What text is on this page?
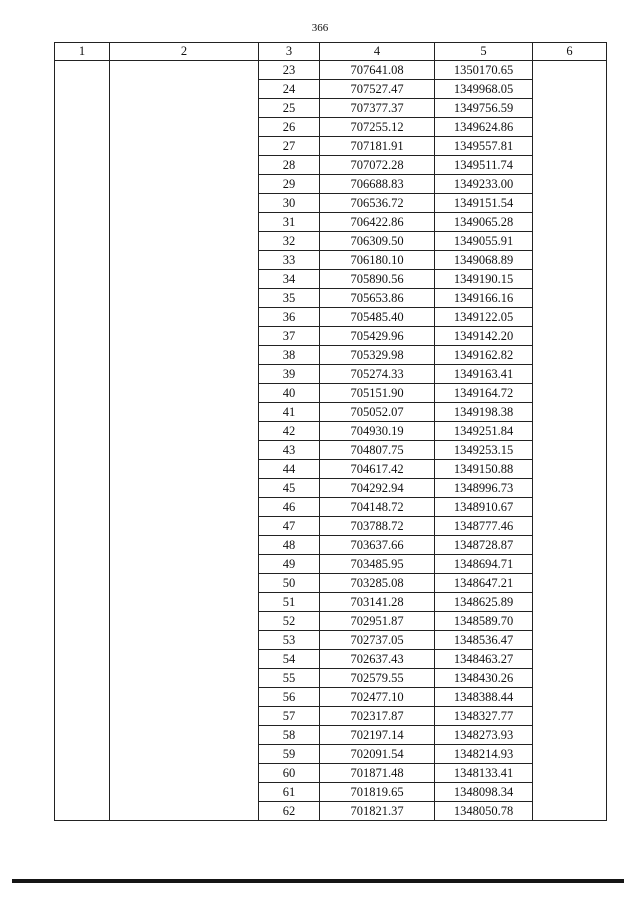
366
1	2	3	4	5	6
		23	707641.08	1350170.65	
		24	707527.47	1349968.05	
		25	707377.37	1349756.59	
		26	707255.12	1349624.86	
		27	707181.91	1349557.81	
		28	707072.28	1349511.74	
		29	706688.83	1349233.00	
		30	706536.72	1349151.54	
		31	706422.86	1349065.28	
		32	706309.50	1349055.91	
		33	706180.10	1349068.89	
		34	705890.56	1349190.15	
		35	705653.86	1349166.16	
		36	705485.40	1349122.05	
		37	705429.96	1349142.20	
		38	705329.98	1349162.82	
		39	705274.33	1349163.41	
		40	705151.90	1349164.72	
		41	705052.07	1349198.38	
		42	704930.19	1349251.84	
		43	704807.75	1349253.15	
		44	704617.42	1349150.88	
		45	704292.94	1348996.73	
		46	704148.72	1348910.67	
		47	703788.72	1348777.46	
		48	703637.66	1348728.87	
		49	703485.95	1348694.71	
		50	703285.08	1348647.21	
		51	703141.28	1348625.89	
		52	702951.87	1348589.70	
		53	702737.05	1348536.47	
		54	702637.43	1348463.27	
		55	702579.55	1348430.26	
		56	702477.10	1348388.44	
		57	702317.87	1348327.77	
		58	702197.14	1348273.93	
		59	702091.54	1348214.93	
		60	701871.48	1348133.41	
		61	701819.65	1348098.34	
		62	701821.37	1348050.78	
